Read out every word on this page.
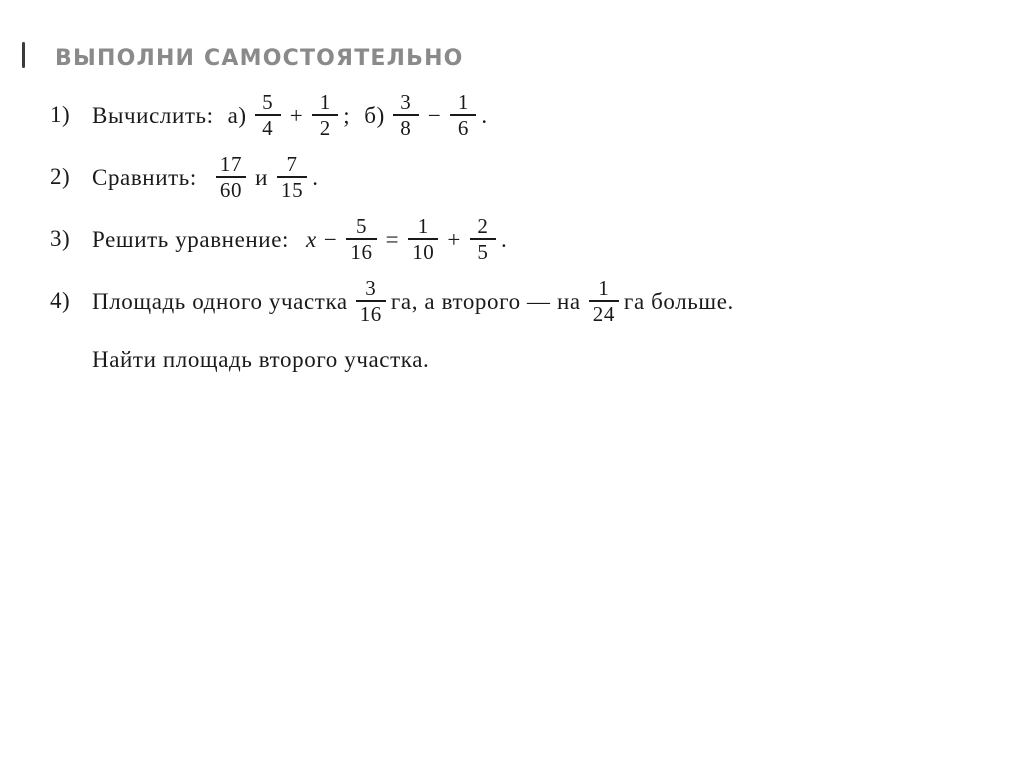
ВЫПОЛНИ САМОСТОЯТЕЛЬНО
1) Вычислить: $а) \frac{5}{4} + \frac{1}{2}$ ; $б) \frac{3}{8} - \frac{1}{6}$ .
2) Сравнить: $\frac{17}{60}$ и $\frac{7}{15}$ .
3) Решить уравнение: $x - \frac{5}{16} = \frac{1}{10} + \frac{2}{5}$ .
4) Площадь одного участка $\frac{3}{16}$ га, а второго — на $\frac{1}{24}$ га больше.
Найти площадь второго участка.
